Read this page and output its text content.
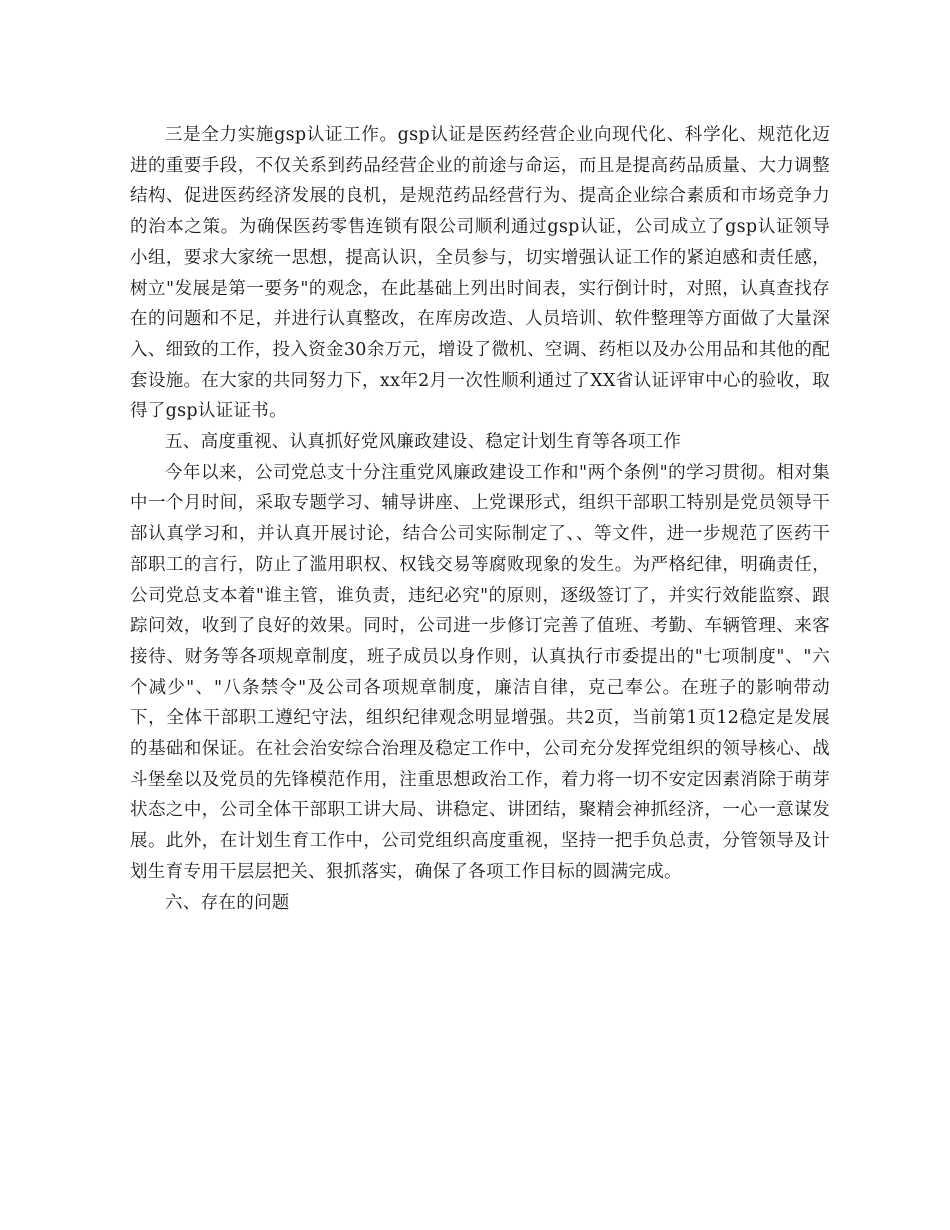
三是全力实施gsp认证工作。gsp认证是医药经营企业向现代化、科学化、规范化迈进的重要手段，不仅关系到药品经营企业的前途与命运，而且是提高药品质量、大力调整结构、促进医药经济发展的良机，是规范药品经营行为、提高企业综合素质和市场竞争力的治本之策。为确保医药零售连锁有限公司顺利通过gsp认证，公司成立了gsp认证领导小组，要求大家统一思想，提高认识，全员参与，切实增强认证工作的紧迫感和责任感，树立"发展是第一要务"的观念，在此基础上列出时间表，实行倒计时，对照，认真查找存在的问题和不足，并进行认真整改，在库房改造、人员培训、软件整理等方面做了大量深入、细致的工作，投入资金30余万元，增设了微机、空调、药柜以及办公用品和其他的配套设施。在大家的共同努力下，xx年2月一次性顺利通过了XX省认证评审中心的验收，取得了gsp认证证书。

五、高度重视、认真抓好党风廉政建设、稳定计划生育等各项工作

今年以来，公司党总支十分注重党风廉政建设工作和"两个条例"的学习贯彻。相对集中一个月时间，采取专题学习、辅导讲座、上党课形式，组织干部职工特别是党员领导干部认真学习和，并认真开展讨论，结合公司实际制定了、、等文件，进一步规范了医药干部职工的言行，防止了滥用职权、权钱交易等腐败现象的发生。为严格纪律，明确责任，公司党总支本着"谁主管，谁负责，违纪必究"的原则，逐级签订了，并实行效能监察、跟踪问效，收到了良好的效果。同时，公司进一步修订完善了值班、考勤、车辆管理、来客接待、财务等各项规章制度，班子成员以身作则，认真执行市委提出的"七项制度"、"六个减少"、"八条禁令"及公司各项规章制度，廉洁自律，克己奉公。在班子的影响带动下，全体干部职工遵纪守法，组织纪律观念明显增强。共2页，当前第1页12稳定是发展的基础和保证。在社会治安综合治理及稳定工作中，公司充分发挥党组织的领导核心、战斗堡垒以及党员的先锋模范作用，注重思想政治工作，着力将一切不安定因素消除于萌芽状态之中，公司全体干部职工讲大局、讲稳定、讲团结，聚精会神抓经济，一心一意谋发展。此外，在计划生育工作中，公司党组织高度重视，坚持一把手负总责，分管领导及计划生育专用干层层把关、狠抓落实，确保了各项工作目标的圆满完成。

六、存在的问题
